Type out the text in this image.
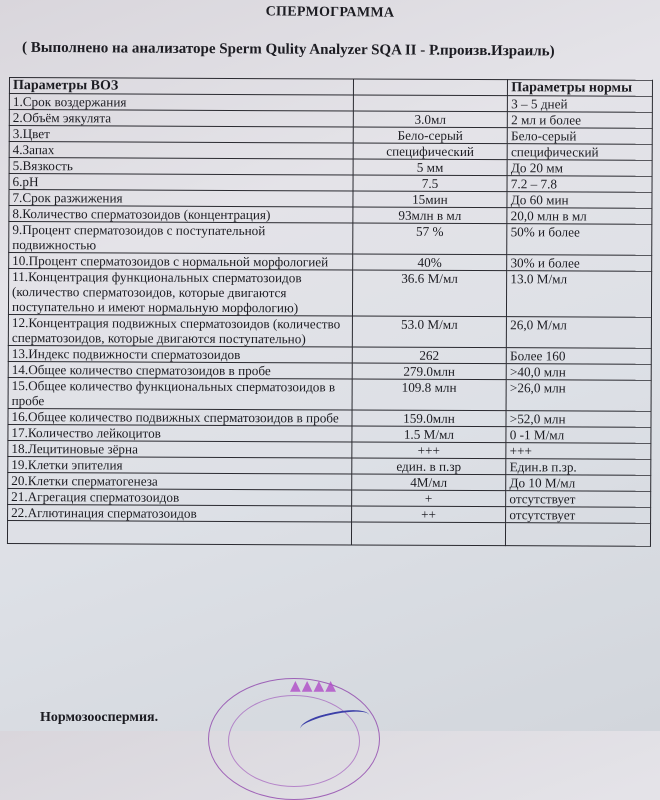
СПЕРМОГРАММА
( Выполнено на анализаторе Sperm Qulity Analyzer SQA II - Р.произв.Израиль)
Параметры ВОЗ		Параметры нормы
1.Срок воздержания		3 – 5 дней
2.Объём эякулята	3.0мл	2 мл и более
3.Цвет	Бело-серый	Бело-серый
4.Запах	специфический	специфический
5.Вязкость	5 мм	До 20 мм
6.pH	7.5	7.2 – 7.8
7.Срок разжижения	15мин	До 60 мин
8.Количество сперматозоидов (концентрация)	93млн в мл	20,0 млн в мл
9.Процент сперматозоидов с поступательной подвижностью	57 %	50% и более
10.Процент сперматозоидов с нормальной морфологией	40%	30% и более
11.Концентрация функциональных сперматозоидов (количество сперматозоидов, которые двигаются поступательно и имеют нормальную морфологию)	36.6 М/мл	13.0 М/мл
12.Концентрация подвижных сперматозоидов (количество сперматозоидов, которые двигаются поступательно)	53.0 М/мл	26,0 М/мл
13.Индекс подвижности сперматозоидов	262	Более 160
14.Общее количество сперматозоидов в пробе	279.0млн	>40,0 млн
15.Общее количество функциональных сперматозоидов в пробе	109.8 млн	>26,0 млн
16.Общее количество подвижных сперматозоидов в пробе	159.0млн	>52,0 млн
17.Количество лейкоцитов	1.5 М/мл	0 -1 М/мл
18.Лецитиновые зёрна	+++	+++
19.Клетки эпителия	един. в п.зр	Един.в п.зр.
20.Клетки сперматогенеза	4М/мл	До 10 М/мл
21.Агрегация сперматозоидов	+	отсутствует
22.Аглютинация сперматозоидов	++	отсутствует

▲▲▲▲
Нормозооспермия.
